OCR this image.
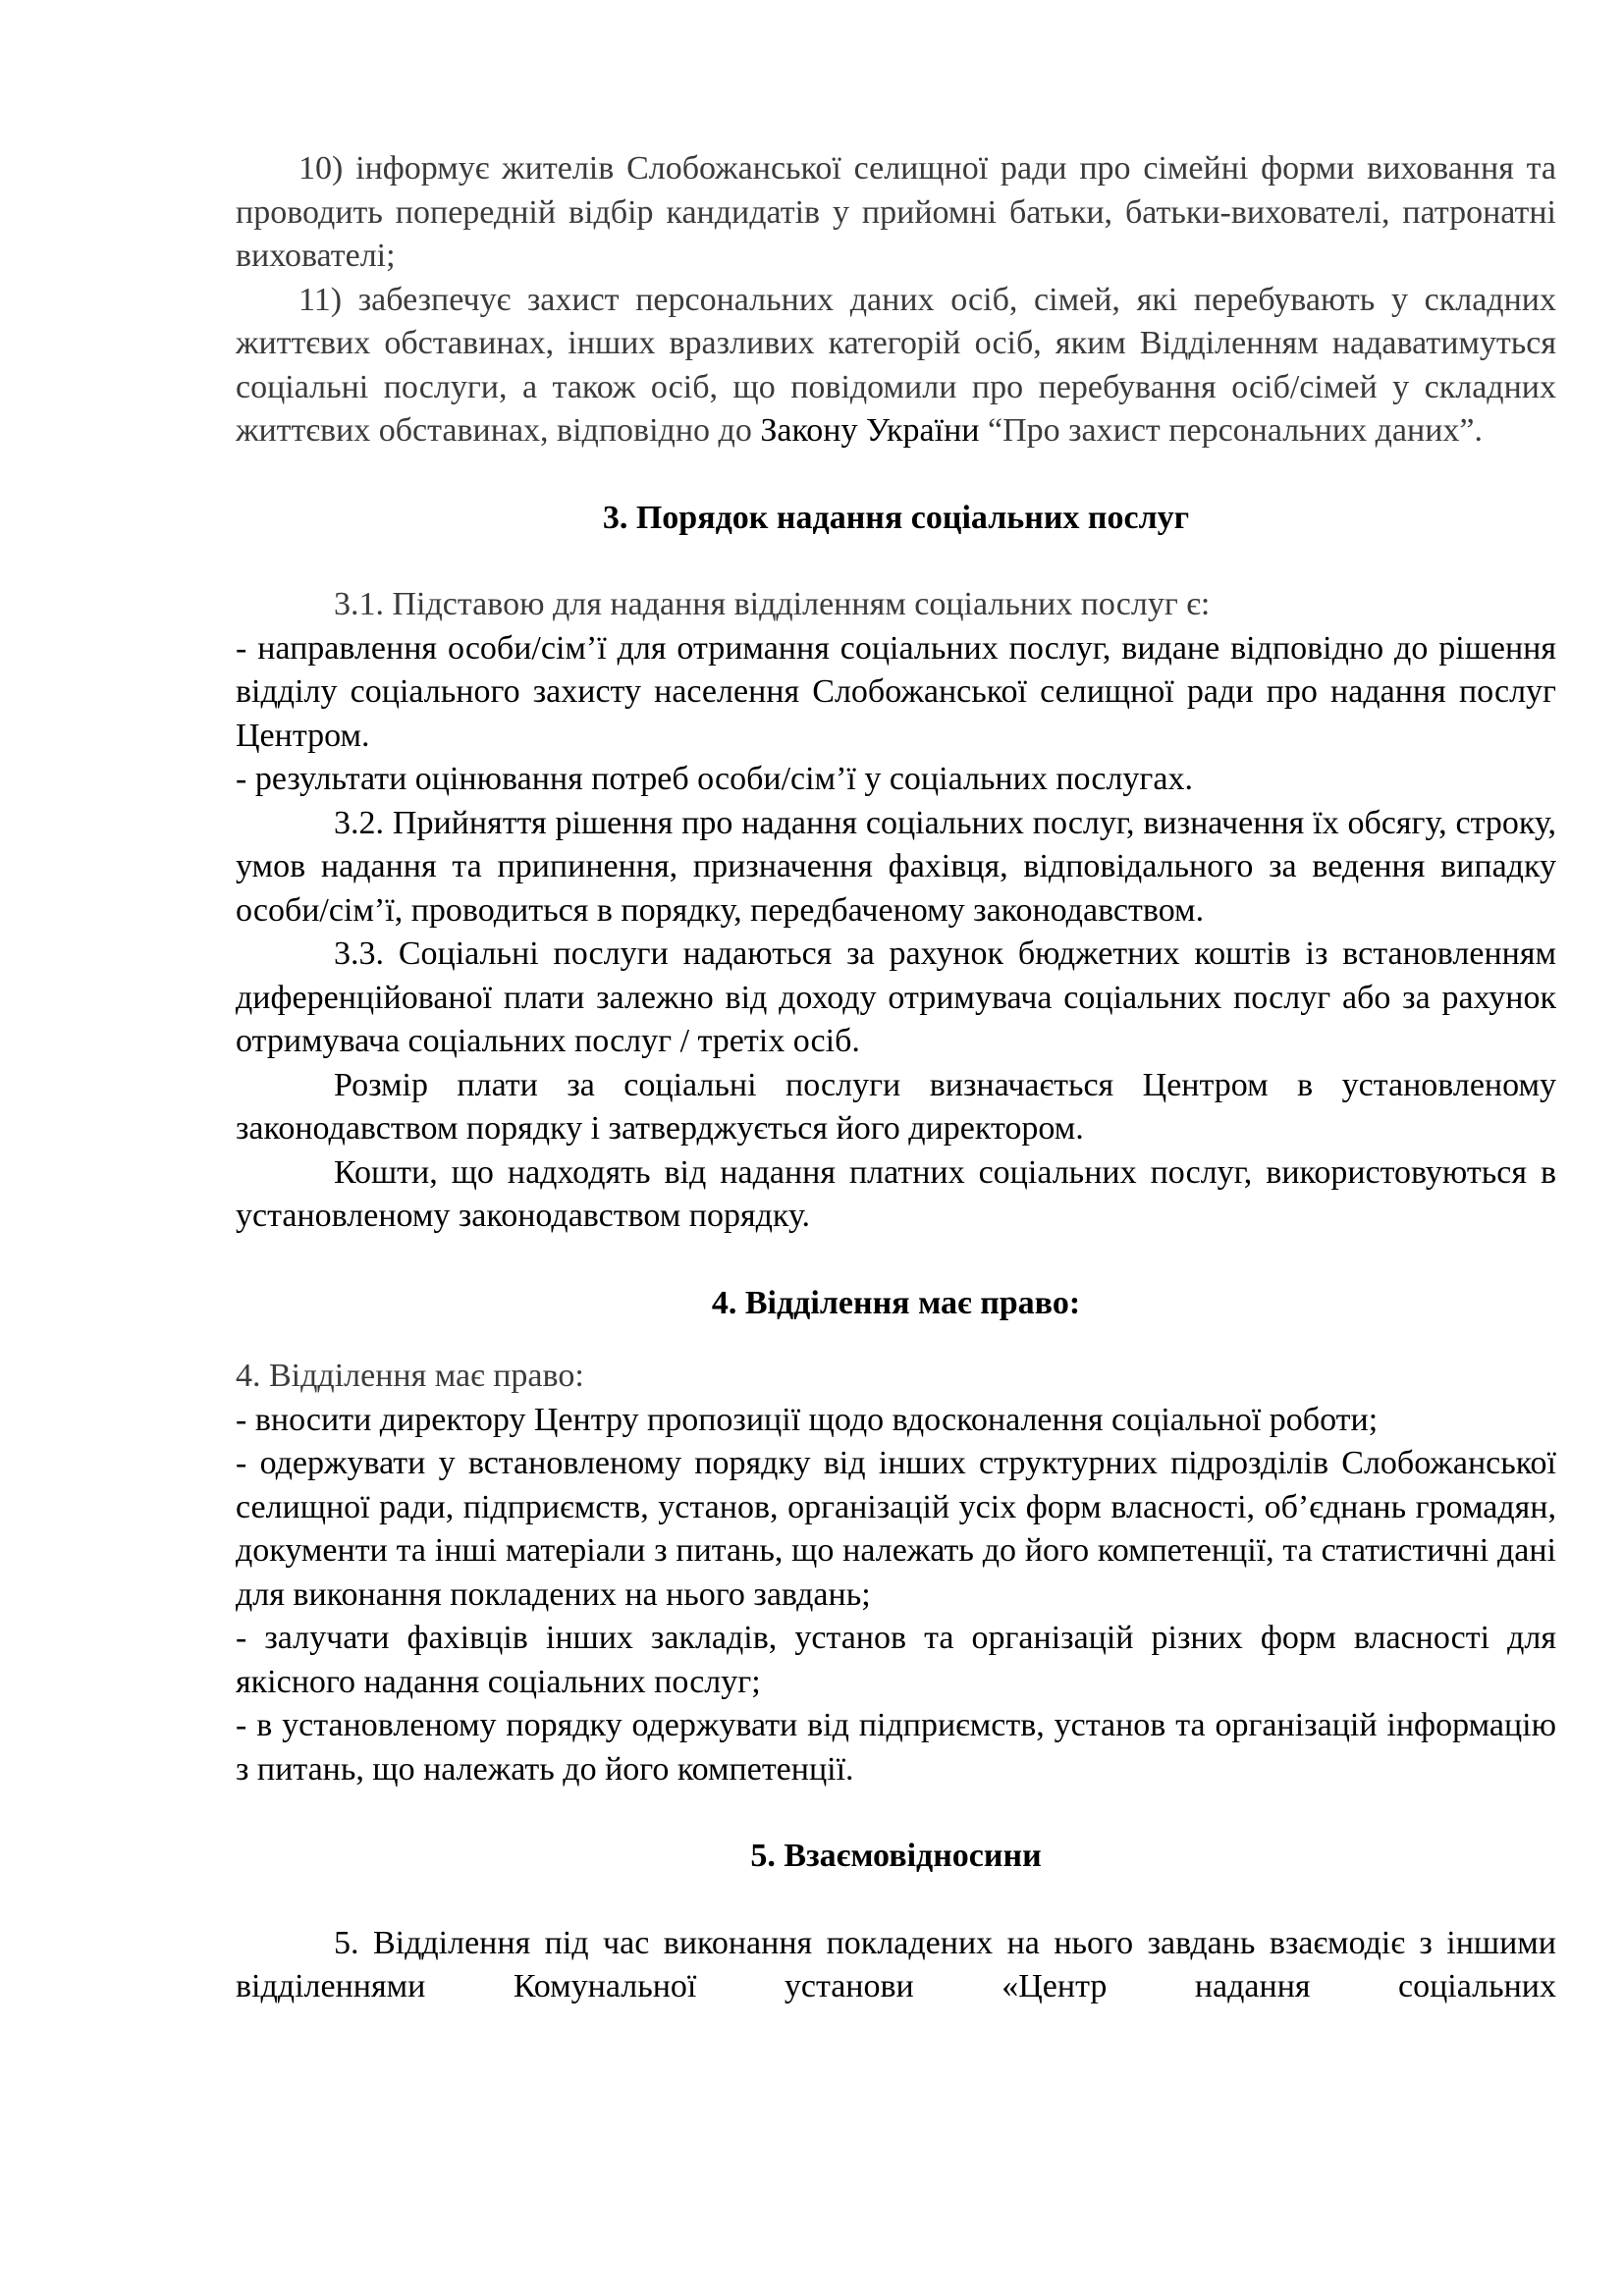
10) інформує жителів Слобожанської селищної ради про сімейні форми виховання та проводить попередній відбір кандидатів у прийомні батьки, батьки-вихователі, патронатні вихователі;

11) забезпечує захист персональних даних осіб, сімей, які перебувають у складних життєвих обставинах, інших вразливих категорій осіб, яким Відділенням надаватимуться соціальні послуги, а також осіб, що повідомили про перебування осіб/сімей у складних життєвих обставинах, відповідно до Закону України “Про захист персональних даних”.

3. Порядок надання соціальних послуг

3.1. Підставою для надання відділенням соціальних послуг є:

- направлення особи/сім’ї для отримання соціальних послуг, видане відповідно до рішення відділу соціального захисту населення Слобожанської селищної ради про надання послуг Центром.

- результати оцінювання потреб особи/сім’ї у соціальних послугах.

3.2. Прийняття рішення про надання соціальних послуг, визначення їх обсягу, строку, умов надання та припинення, призначення фахівця, відповідального за ведення випадку особи/сім’ї, проводиться в порядку, передбаченому законодавством.

3.3. Соціальні послуги надаються за рахунок бюджетних коштів із встановленням диференційованої плати залежно від доходу отримувача соціальних послуг або за рахунок отримувача соціальних послуг / третіх осіб.

Розмір плати за соціальні послуги визначається Центром в установленому законодавством порядку і затверджується його директором.

Кошти, що надходять від надання платних соціальних послуг, використовуються в установленому законодавством порядку.

4. Відділення має право:

4. Відділення має право:

- вносити директору Центру пропозиції щодо вдосконалення соціальної роботи;

- одержувати у встановленому порядку від інших структурних підрозділів Слобожанської селищної ради, підприємств, установ, організацій усіх форм власності, об’єднань громадян, документи та інші матеріали з питань, що належать до його компетенції, та статистичні дані для виконання покладених на нього завдань;

- залучати фахівців інших закладів, установ та організацій різних форм власності для якісного надання соціальних послуг;

- в установленому порядку одержувати від підприємств, установ та організацій інформацію з питань, що належать до його компетенції.

5. Взаємовідносини

5. Відділення під час виконання покладених на нього завдань взаємодіє з іншими відділеннями Комунальної установи «Центр надання соціальних
